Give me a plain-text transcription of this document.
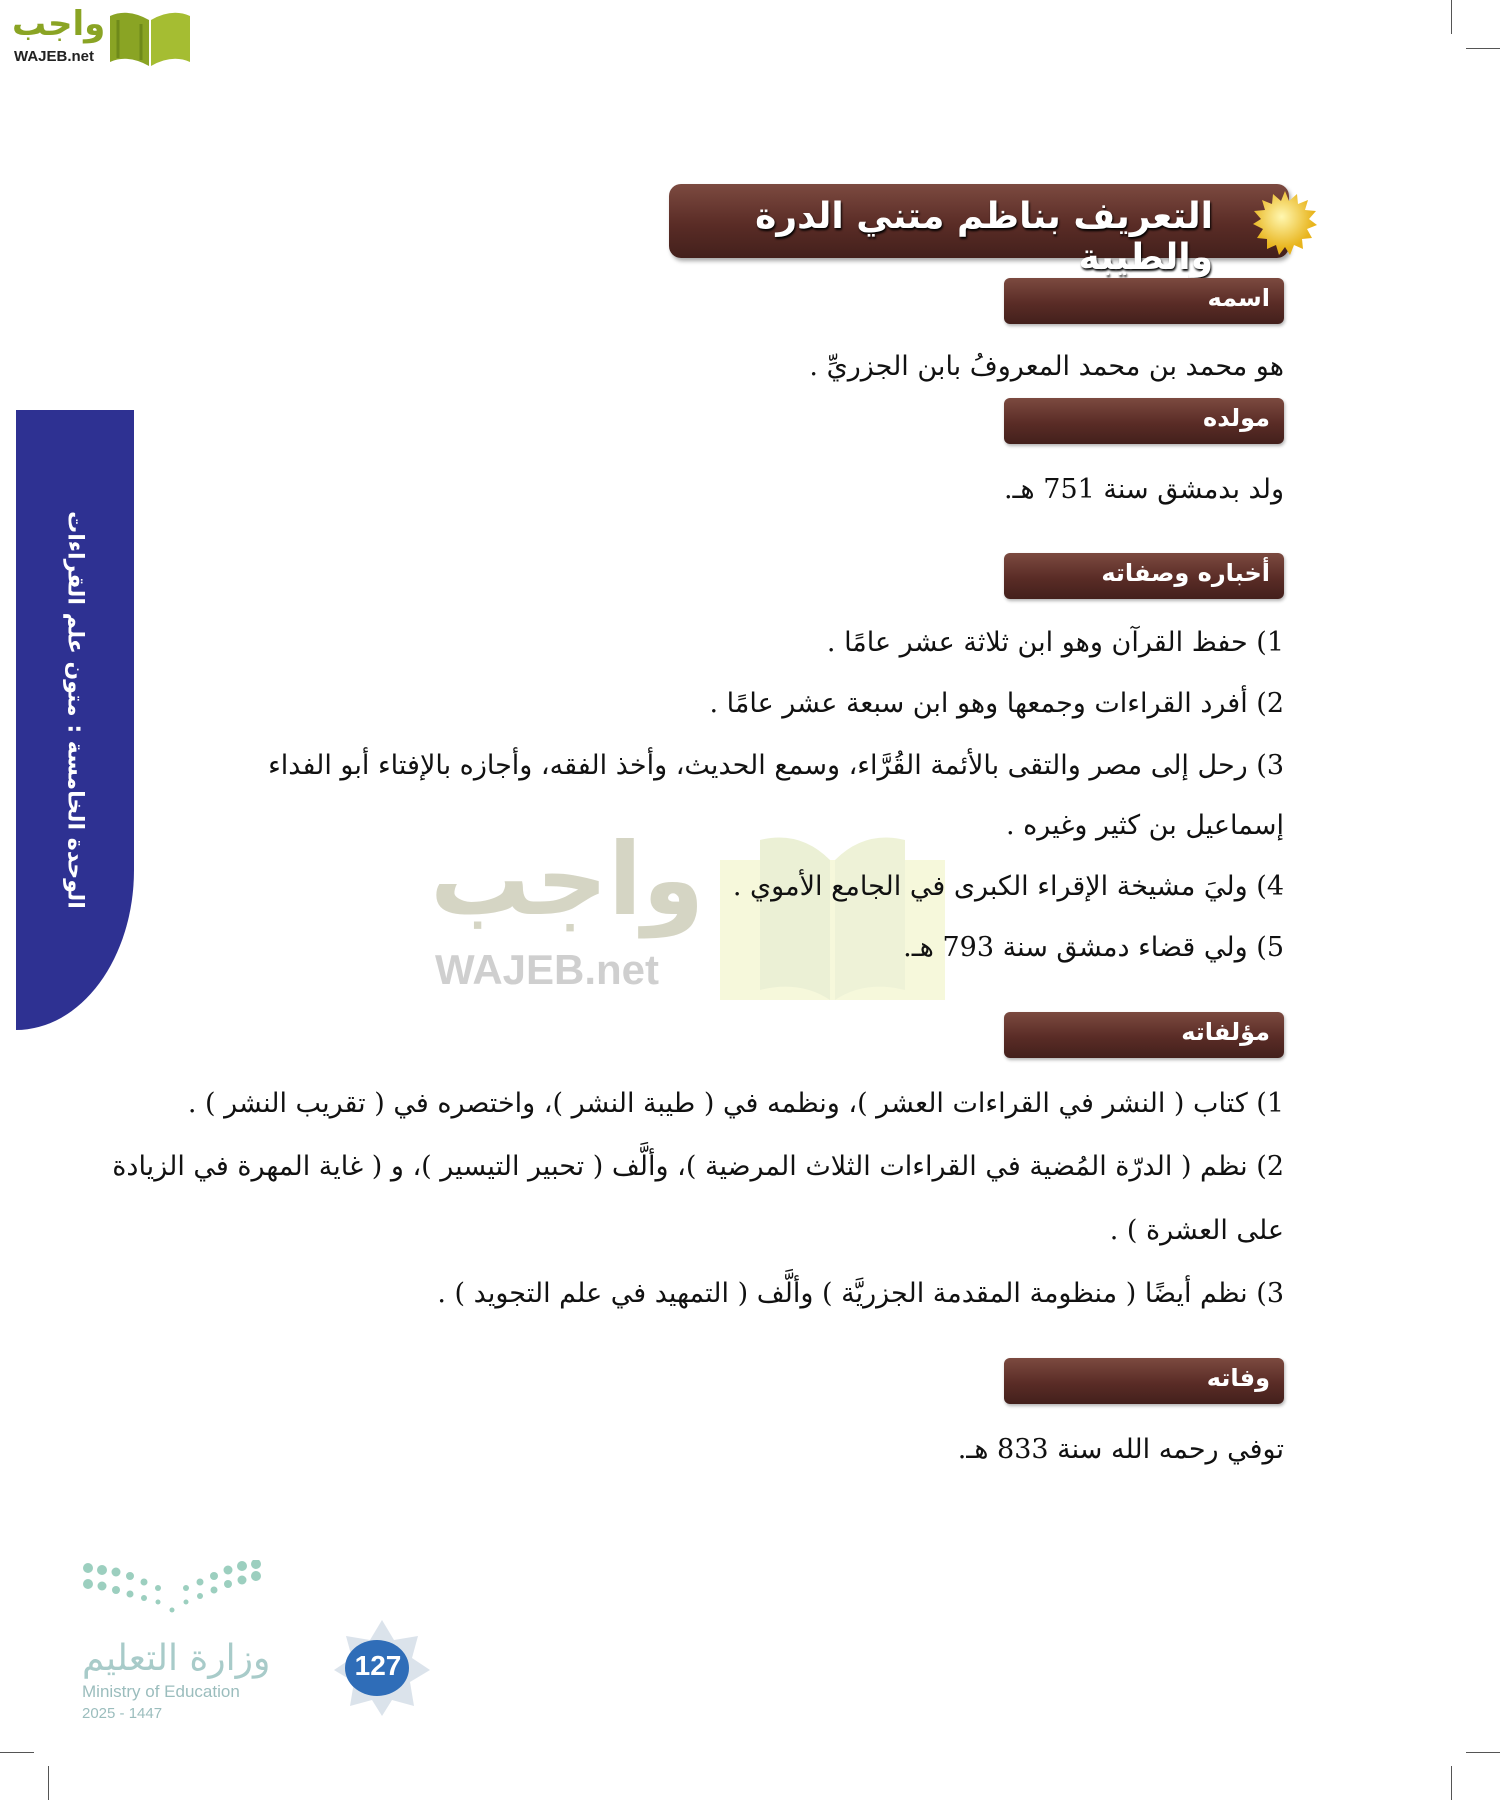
واجب
WAJEB.net
الوحدة الخامسة : متون علم القراءات	واجب
WAJEB.net
التعريف بناظم متني الدرة والطيبة
اسمه
هو محمد بن محمد المعروفُ بابن الجزريِّ .
مولده
ولد بدمشق سنة 751 هـ.
أخباره وصفاته
1) حفظ القرآن وهو ابن ثلاثة عشر عامًا .
2) أفرد القراءات وجمعها وهو ابن سبعة عشر عامًا .
3) رحل إلى مصر والتقى بالأئمة القُرَّاء، وسمع الحديث، وأخذ الفقه، وأجازه بالإفتاء أبو الفداء
إسماعيل بن كثير وغيره .
4) وليَ مشيخة الإقراء الكبرى في الجامع الأموي .
5) ولي قضاء دمشق سنة 793 هـ.
مؤلفاته
1) كتاب ( النشر في القراءات العشر )، ونظمه في ( طيبة النشر )، واختصره في ( تقريب النشر ) .
2) نظم ( الدرّة المُضية في القراءات الثلاث المرضية )، وألَّف ( تحبير التيسير )، و ( غاية المهرة في الزيادة
على العشرة ) .
3) نظم أيضًا ( منظومة المقدمة الجزريَّة ) وألَّف ( التمهيد في علم التجويد ) .
وفاته
توفي رحمه الله سنة 833 هـ.
وزارة التعليم
Ministry of Education
2025 - 1447
127
